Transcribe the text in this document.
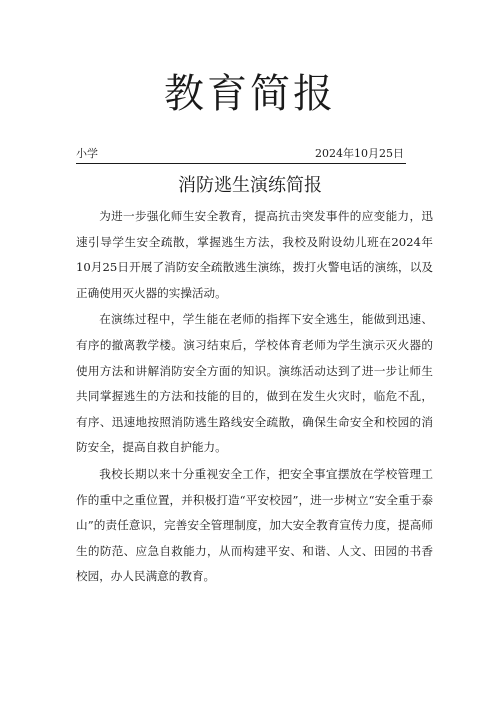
教育简报
小学	2024年10月25日
消防逃生演练简报

为进一步强化师生安全教育，提高抗击突发事件的应变能力，迅速引导学生安全疏散，掌握逃生方法，我校及附设幼儿班在2024年10月25日开展了消防安全疏散逃生演练，拨打火警电话的演练，以及正确使用灭火器的实操活动。

在演练过程中，学生能在老师的指挥下安全逃生，能做到迅速、有序的撤离教学楼。演习结束后，学校体育老师为学生演示灭火器的使用方法和讲解消防安全方面的知识。演练活动达到了进一步让师生共同掌握逃生的方法和技能的目的，做到在发生火灾时，临危不乱，有序、迅速地按照消防逃生路线安全疏散，确保生命安全和校园的消防安全，提高自救自护能力。

我校长期以来十分重视安全工作，把安全事宜摆放在学校管理工作的重中之重位置，并积极打造“平安校园”，进一步树立“安全重于泰山”的责任意识，完善安全管理制度，加大安全教育宣传力度，提高师生的防范、应急自救能力，从而构建平安、和谐、人文、田园的书香校园，办人民满意的教育。
